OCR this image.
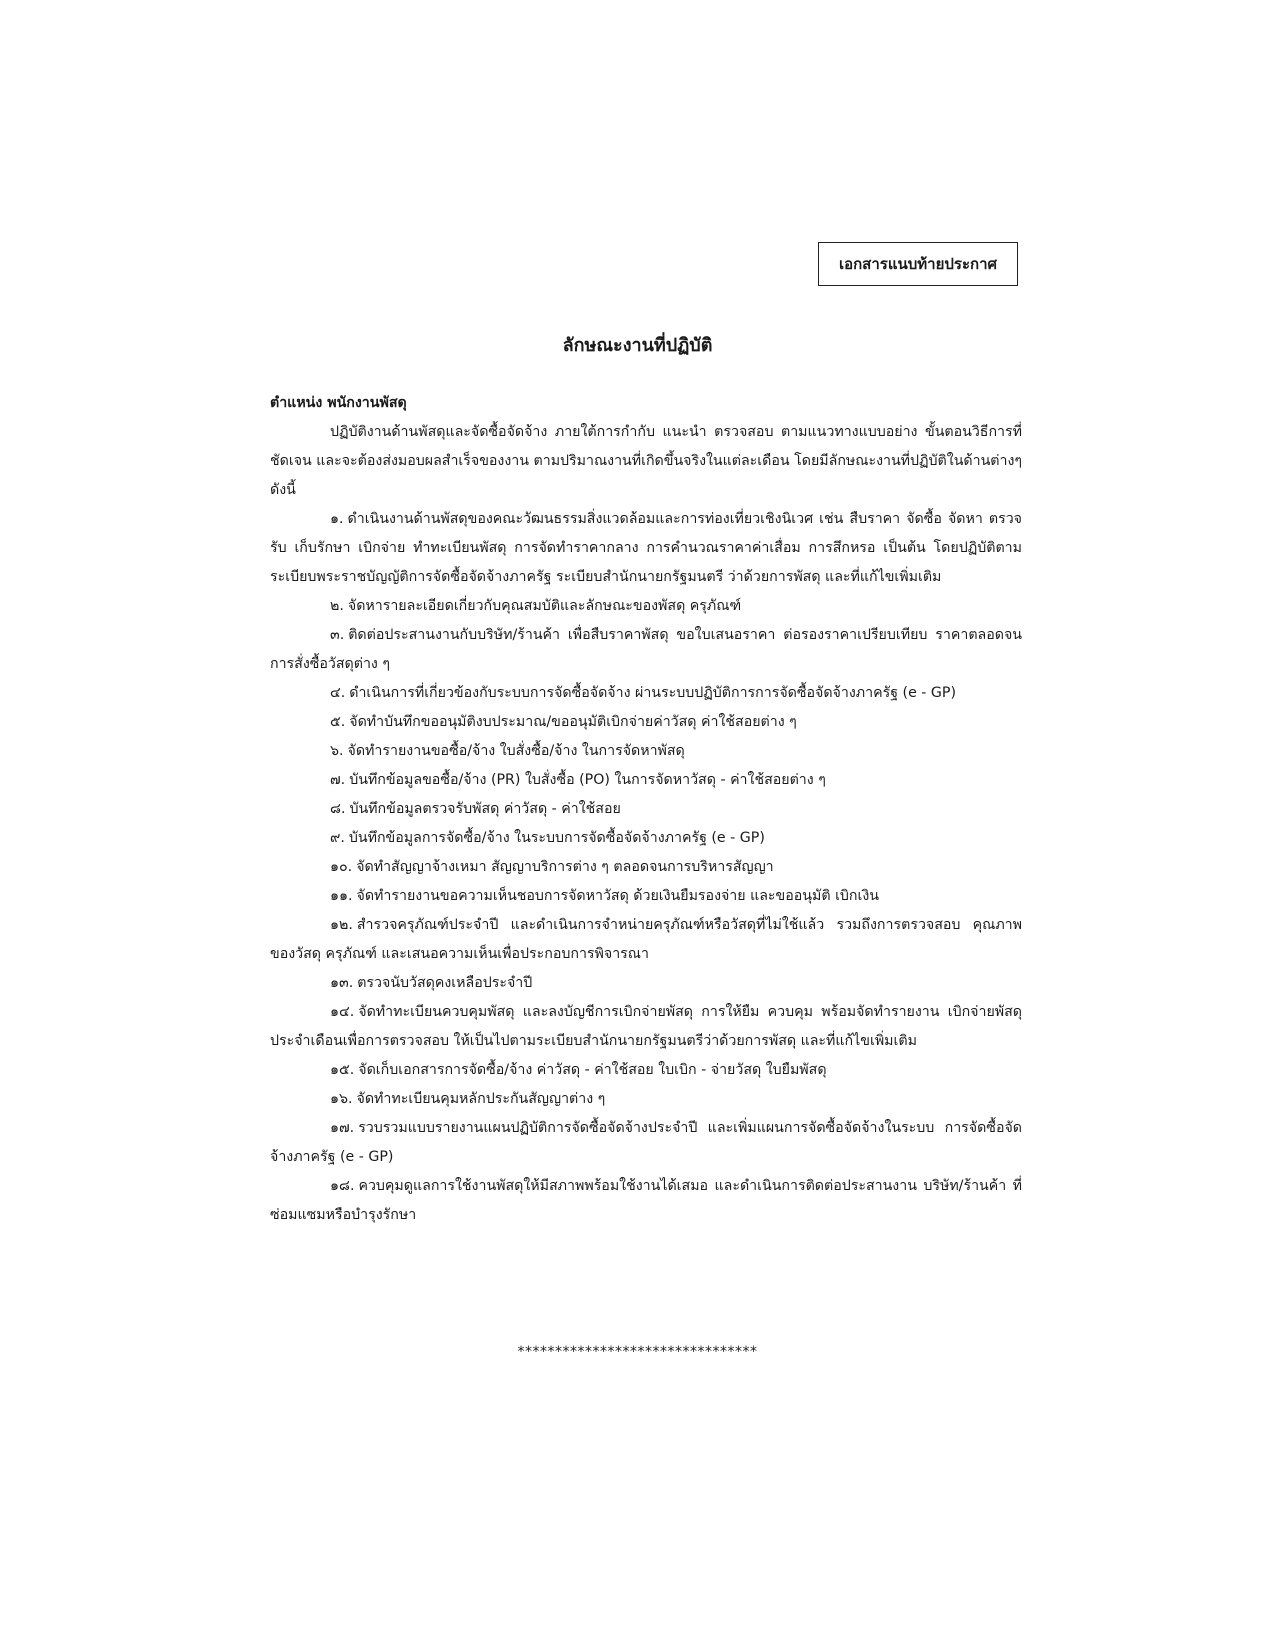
เอกสารแนบท้ายประกาศ
ลักษณะงานที่ปฏิบัติ

ตำแหน่ง พนักงานพัสดุ

ปฏิบัติงานด้านพัสดุและจัดซื้อจัดจ้าง ภายใต้การกำกับ แนะนำ ตรวจสอบ ตามแนวทางแบบอย่าง ขั้นตอนวิธีการที่ชัดเจน และจะต้องส่งมอบผลสำเร็จของงาน ตามปริมาณงานที่เกิดขึ้นจริงในแต่ละเดือน โดยมีลักษณะงานที่ปฏิบัติในด้านต่างๆ ดังนี้

๑. ดำเนินงานด้านพัสดุของคณะวัฒนธรรมสิ่งแวดล้อมและการท่องเที่ยวเชิงนิเวศ เช่น สืบราคา จัดซื้อ จัดหา ตรวจรับ เก็บรักษา เบิกจ่าย ทำทะเบียนพัสดุ การจัดทำราคากลาง การคำนวณราคาค่าเสื่อม การสึกหรอ เป็นต้น โดยปฏิบัติตามระเบียบพระราชบัญญัติการจัดซื้อจัดจ้างภาครัฐ ระเบียบสำนักนายกรัฐมนตรี ว่าด้วยการพัสดุ และที่แก้ไขเพิ่มเติม

๒. จัดหารายละเอียดเกี่ยวกับคุณสมบัติและลักษณะของพัสดุ ครุภัณฑ์

๓. ติดต่อประสานงานกับบริษัท/ร้านค้า เพื่อสืบราคาพัสดุ ขอใบเสนอราคา ต่อรองราคาเปรียบเทียบ ราคาตลอดจนการสั่งซื้อวัสดุต่าง ๆ

๔. ดำเนินการที่เกี่ยวข้องกับระบบการจัดซื้อจัดจ้าง ผ่านระบบปฏิบัติการการจัดซื้อจัดจ้างภาครัฐ (e - GP)

๕. จัดทำบันทึกขออนุมัติงบประมาณ/ขออนุมัติเบิกจ่ายค่าวัสดุ ค่าใช้สอยต่าง ๆ

๖. จัดทำรายงานขอซื้อ/จ้าง ใบสั่งซื้อ/จ้าง ในการจัดหาพัสดุ

๗. บันทึกข้อมูลขอซื้อ/จ้าง (PR) ใบสั่งซื้อ (PO) ในการจัดหาวัสดุ - ค่าใช้สอยต่าง ๆ

๘. บันทึกข้อมูลตรวจรับพัสดุ ค่าวัสดุ - ค่าใช้สอย

๙. บันทึกข้อมูลการจัดซื้อ/จ้าง ในระบบการจัดซื้อจัดจ้างภาครัฐ (e - GP)

๑๐. จัดทำสัญญาจ้างเหมา สัญญาบริการต่าง ๆ ตลอดจนการบริหารสัญญา

๑๑. จัดทำรายงานขอความเห็นชอบการจัดหาวัสดุ ด้วยเงินยืมรองจ่าย และขออนุมัติ เบิกเงิน

๑๒. สำรวจครุภัณฑ์ประจำปี และดำเนินการจำหน่ายครุภัณฑ์หรือวัสดุที่ไม่ใช้แล้ว รวมถึงการตรวจสอบ คุณภาพของวัสดุ ครุภัณฑ์ และเสนอความเห็นเพื่อประกอบการพิจารณา

๑๓. ตรวจนับวัสดุคงเหลือประจำปี

๑๔. จัดทำทะเบียนควบคุมพัสดุ และลงบัญชีการเบิกจ่ายพัสดุ การให้ยืม ควบคุม พร้อมจัดทำรายงาน เบิกจ่ายพัสดุประจำเดือนเพื่อการตรวจสอบ ให้เป็นไปตามระเบียบสำนักนายกรัฐมนตรีว่าด้วยการพัสดุ และที่แก้ไขเพิ่มเติม

๑๕. จัดเก็บเอกสารการจัดซื้อ/จ้าง ค่าวัสดุ - ค่าใช้สอย ใบเบิก - จ่ายวัสดุ ใบยืมพัสดุ

๑๖. จัดทำทะเบียนคุมหลักประกันสัญญาต่าง ๆ

๑๗. รวบรวมแบบรายงานแผนปฏิบัติการจัดซื้อจัดจ้างประจำปี และเพิ่มแผนการจัดซื้อจัดจ้างในระบบ การจัดซื้อจัดจ้างภาครัฐ (e - GP)

๑๘. ควบคุมดูแลการใช้งานพัสดุให้มีสภาพพร้อมใช้งานได้เสมอ และดำเนินการติดต่อประสานงาน บริษัท/ร้านค้า ที่ซ่อมแซมหรือบำรุงรักษา

********************************
